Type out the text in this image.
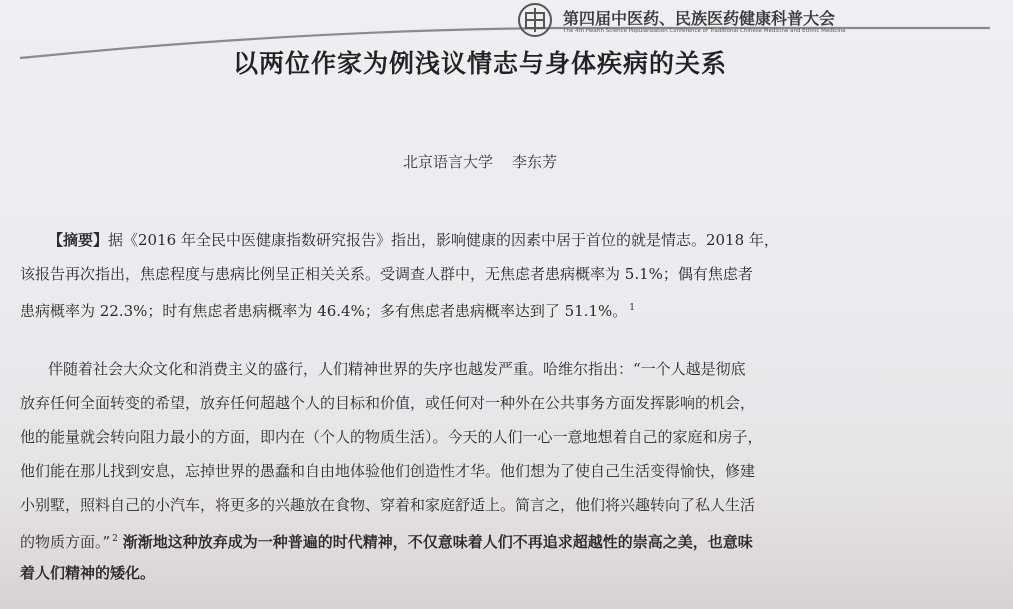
第四届中医药、民族医药健康科普大会
The 4th Health Science Popularization Conference of Traditional Chinese Medicine and Ethnic Medicine
以两位作家为例浅议情志与身体疾病的关系
北京语言大学    李东芳
【摘要】据《2016 年全民中医健康指数研究报告》指出，影响健康的因素中居于首位的就是情志。2018 年，
该报告再次指出，焦虑程度与患病比例呈正相关关系。受调查人群中，无焦虑者患病概率为 5.1%；偶有焦虑者
患病概率为 22.3%；时有焦虑者患病概率为 46.4%；多有焦虑者患病概率达到了 51.1%。 $^1$
伴随着社会大众文化和消费主义的盛行，人们精神世界的失序也越发严重。哈维尔指出：“一个人越是彻底
放弃任何全面转变的希望，放弃任何超越个人的目标和价值，或任何对一种外在公共事务方面发挥影响的机会，
他的能量就会转向阻力最小的方面，即内在（个人的物质生活）。今天的人们一心一意地想着自己的家庭和房子，
他们能在那儿找到安息，忘掉世界的愚蠢和自由地体验他们创造性才华。他们想为了使自己生活变得愉快，修建
小别墅，照料自己的小汽车，将更多的兴趣放在食物、穿着和家庭舒适上。简言之，他们将兴趣转向了私人生活
的物质方面。” $^2$ 渐渐地这种放弃成为一种普遍的时代精神，不仅意味着人们不再追求超越性的崇高之美，也意味
着人们精神的矮化。
